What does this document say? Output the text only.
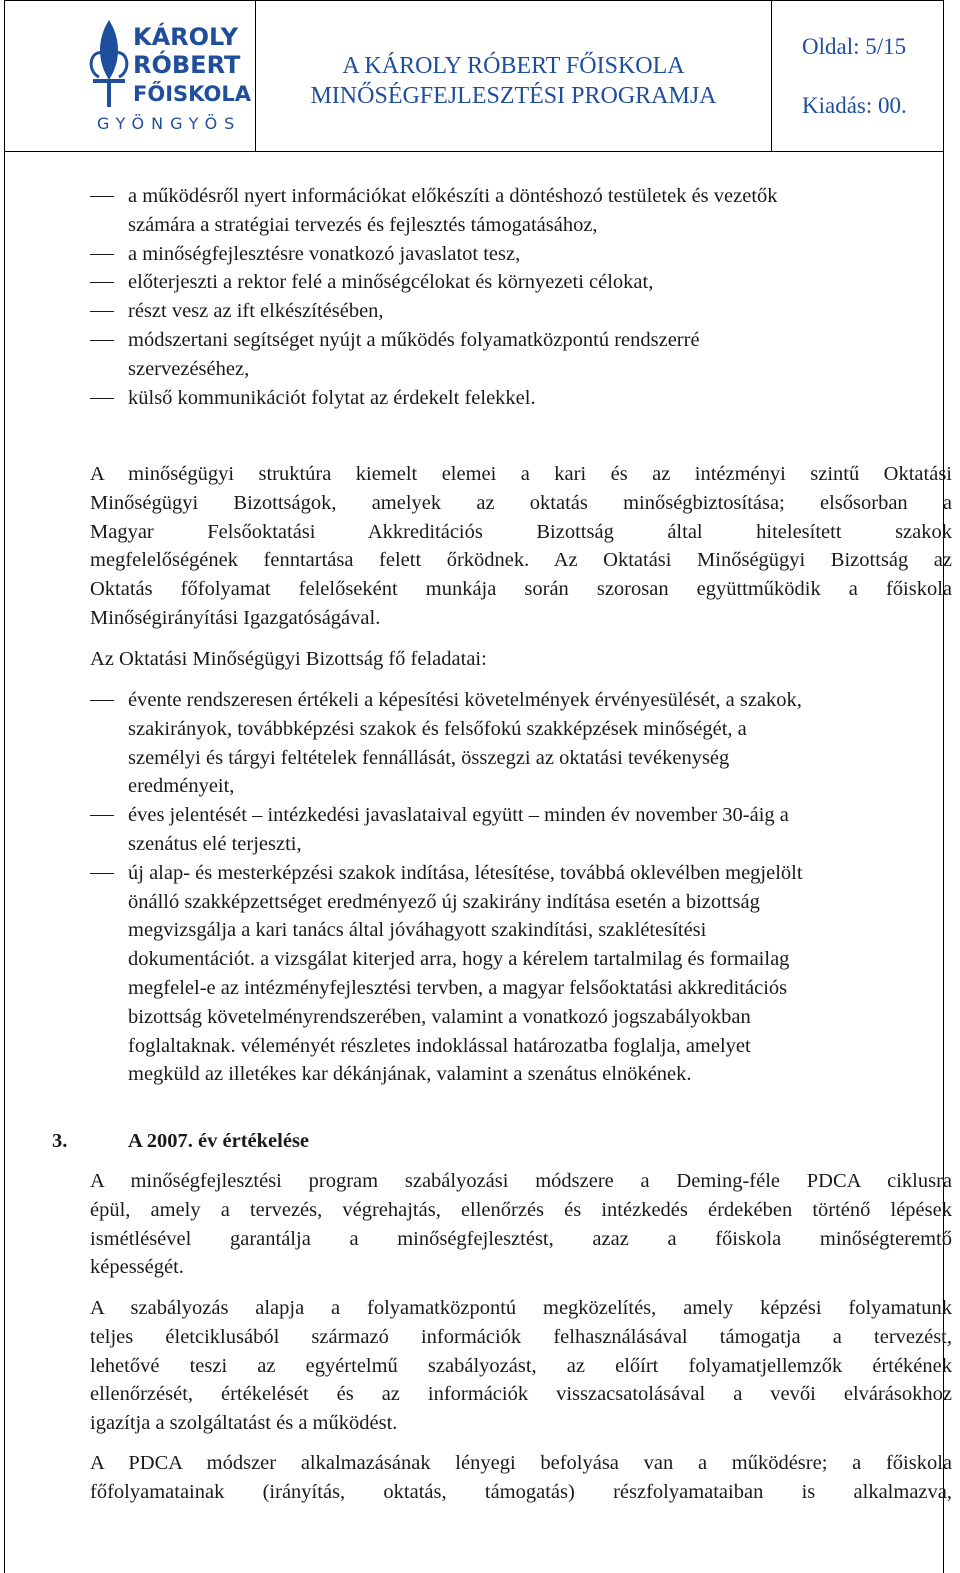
KÁROLY
RÓBERT
FŐISKOLA
GYÖNGYÖS
A KÁROLY RÓBERT FŐISKOLA
MINŐSÉGFEJLESZTÉSI PROGRAMJA
Oldal: 5/15
Kiadás: 00.
a működésről nyert információkat előkészíti a döntéshozó testületek és vezetők
számára a stratégiai tervezés és fejlesztés támogatásához,
a minőségfejlesztésre vonatkozó javaslatot tesz,
előterjeszti a rektor felé a minőségcélokat és környezeti célokat,
részt vesz az ift elkészítésében,
módszertani segítséget nyújt a működés folyamatközpontú rendszerré
szervezéséhez,
külső kommunikációt folytat az érdekelt felekkel.
A minőségügyi struktúra kiemelt elemei a kari és az intézményi szintű Oktatási
Minőségügyi Bizottságok, amelyek az oktatás minőségbiztosítása; elsősorban a
Magyar Felsőoktatási Akkreditációs Bizottság által hitelesített szakok
megfelelőségének fenntartása felett őrködnek. Az Oktatási Minőségügyi Bizottság az
Oktatás főfolyamat felelőseként munkája során szorosan együttműködik a főiskola
Minőségirányítási Igazgatóságával.
Az Oktatási Minőségügyi Bizottság fő feladatai:
évente rendszeresen értékeli a képesítési követelmények érvényesülését, a szakok,
szakirányok, továbbképzési szakok és felsőfokú szakképzések minőségét, a
személyi és tárgyi feltételek fennállását, összegzi az oktatási tevékenység
eredményeit,
éves jelentését – intézkedési javaslataival együtt – minden év november 30-áig a
szenátus elé terjeszti,
új alap- és mesterképzési szakok indítása, létesítése, továbbá oklevélben megjelölt
önálló szakképzettséget eredményező új szakirány indítása esetén a bizottság
megvizsgálja a kari tanács által jóváhagyott szakindítási, szaklétesítési
dokumentációt. a vizsgálat kiterjed arra, hogy a kérelem tartalmilag és formailag
megfelel-e az intézményfejlesztési tervben, a magyar felsőoktatási akkreditációs
bizottság követelményrendszerében, valamint a vonatkozó jogszabályokban
foglaltaknak. véleményét részletes indoklással határozatba foglalja, amelyet
megküld az illetékes kar dékánjának, valamint a szenátus elnökének.
3.	A 2007. év értékelése
A minőségfejlesztési program szabályozási módszere a Deming-féle PDCA ciklusra
épül, amely a tervezés, végrehajtás, ellenőrzés és intézkedés érdekében történő lépések
ismétlésével garantálja a minőségfejlesztést, azaz a főiskola minőségteremtő
képességét.
A szabályozás alapja a folyamatközpontú megközelítés, amely képzési folyamatunk
teljes életciklusából származó információk felhasználásával támogatja a tervezést,
lehetővé teszi az egyértelmű szabályozást, az előírt folyamatjellemzők értékének
ellenőrzését, értékelését és az információk visszacsatolásával a vevői elvárásokhoz
igazítja a szolgáltatást és a működést.
A PDCA módszer alkalmazásának lényegi befolyása van a működésre; a főiskola
főfolyamatainak (irányítás, oktatás, támogatás) részfolyamataiban is alkalmazva,
